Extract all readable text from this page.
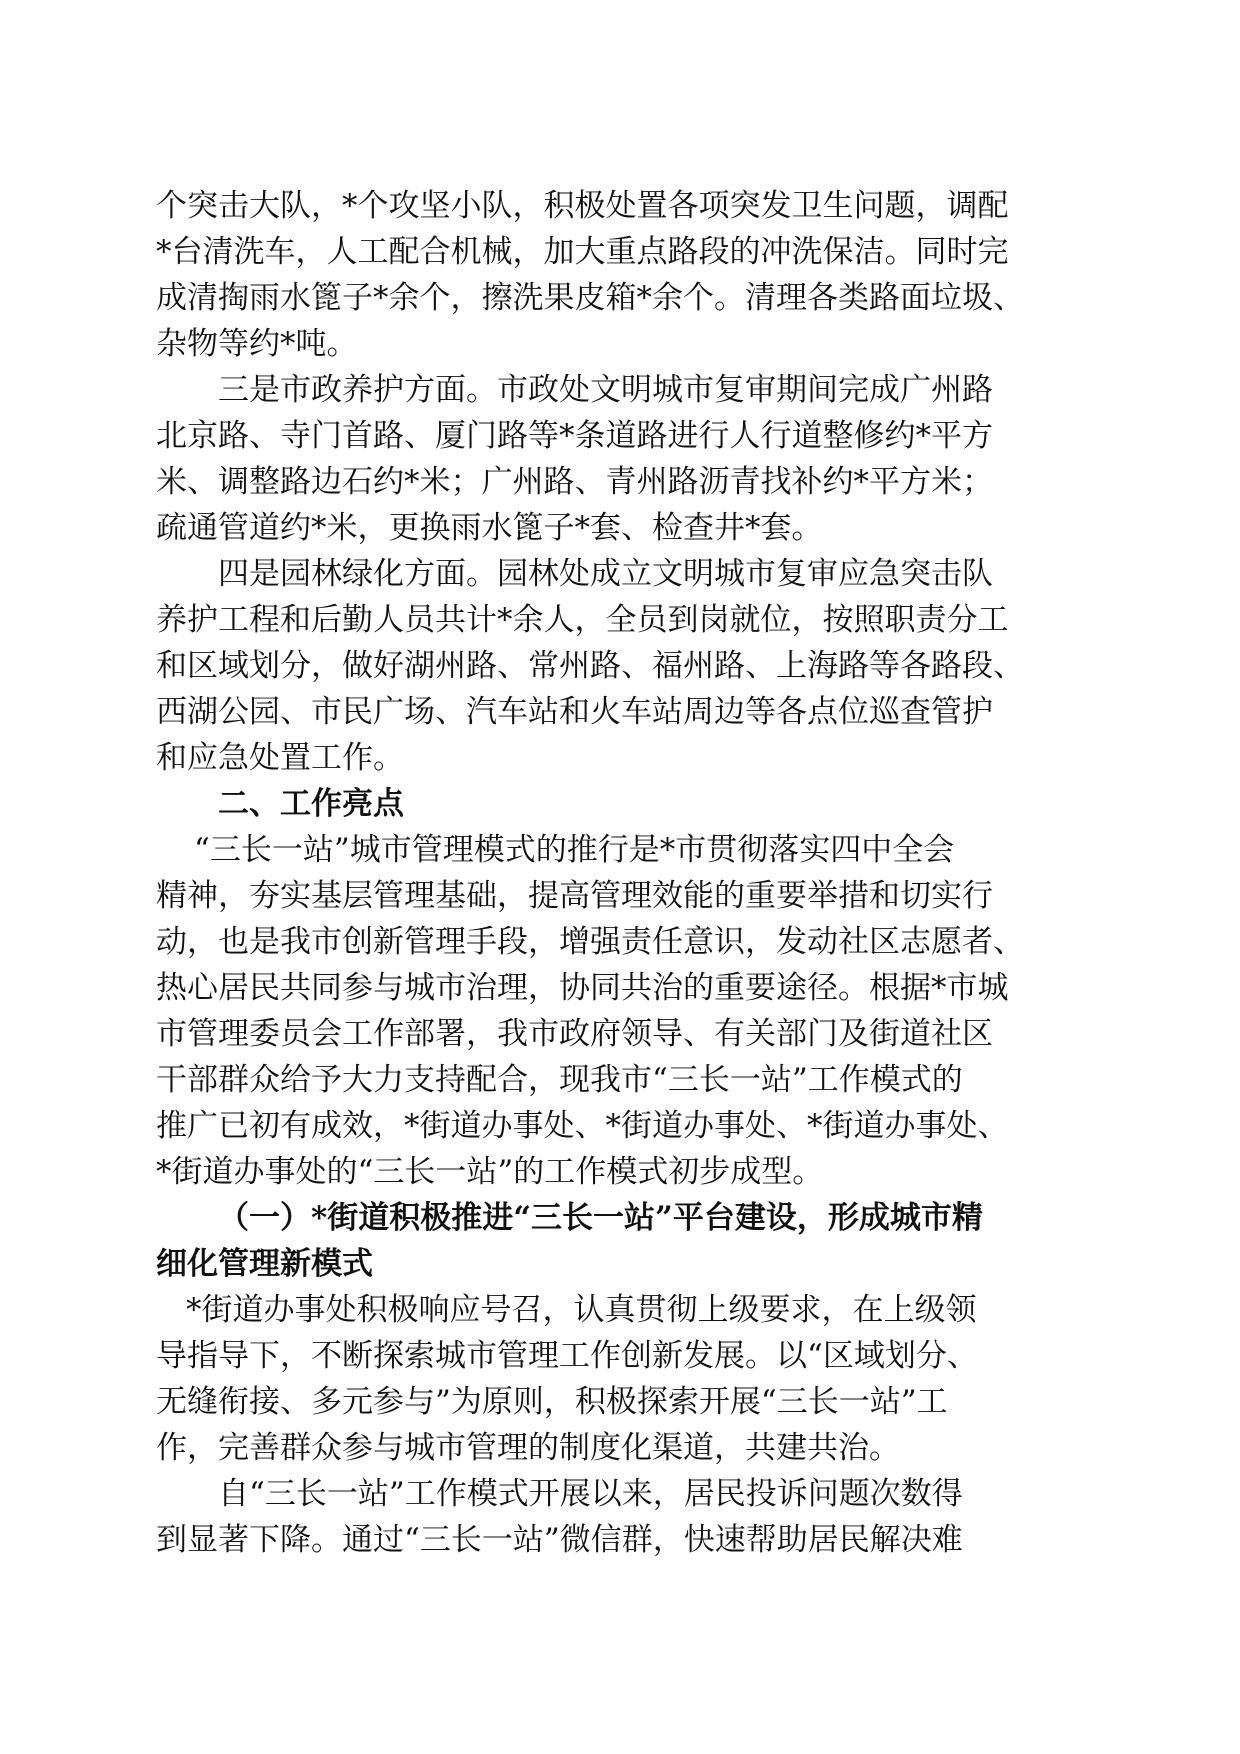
个突击大队，*个攻坚小队，积极处置各项突发卫生问题，调配
*台清洗车，人工配合机械，加大重点路段的冲洗保洁。同时完
成清掏雨水篦子*余个，擦洗果皮箱*余个。清理各类路面垃圾、
杂物等约*吨。
三是市政养护方面。市政处文明城市复审期间完成广州路
北京路、寺门首路、厦门路等*条道路进行人行道整修约*平方
米、调整路边石约*米；广州路、青州路沥青找补约*平方米；
疏通管道约*米，更换雨水篦子*套、检查井*套。
四是园林绿化方面。园林处成立文明城市复审应急突击队
养护工程和后勤人员共计*余人，全员到岗就位，按照职责分工
和区域划分，做好湖州路、常州路、福州路、上海路等各路段、
西湖公园、市民广场、汽车站和火车站周边等各点位巡查管护
和应急处置工作。
二、工作亮点
“三长一站”城市管理模式的推行是*市贯彻落实四中全会
精神，夯实基层管理基础，提高管理效能的重要举措和切实行
动，也是我市创新管理手段，增强责任意识，发动社区志愿者、
热心居民共同参与城市治理，协同共治的重要途径。根据*市城
市管理委员会工作部署，我市政府领导、有关部门及街道社区
干部群众给予大力支持配合，现我市“三长一站”工作模式的
推广已初有成效，*街道办事处、*街道办事处、*街道办事处、
*街道办事处的“三长一站”的工作模式初步成型。
（一）*街道积极推进“三长一站”平台建设，形成城市精
细化管理新模式
*街道办事处积极响应号召，认真贯彻上级要求，在上级领
导指导下，不断探索城市管理工作创新发展。以“区域划分、
无缝衔接、多元参与”为原则，积极探索开展“三长一站”工
作，完善群众参与城市管理的制度化渠道，共建共治。
自“三长一站”工作模式开展以来，居民投诉问题次数得
到显著下降。通过“三长一站”微信群，快速帮助居民解决难
